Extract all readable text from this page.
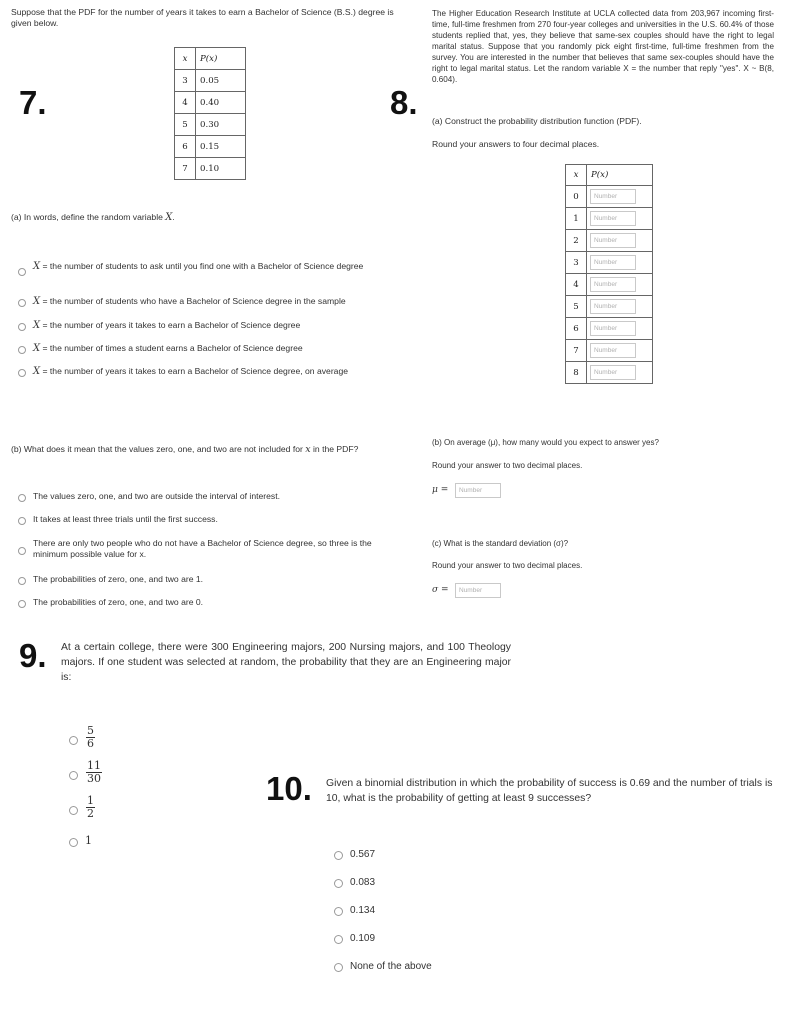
Suppose that the PDF for the number of years it takes to earn a Bachelor of Science (B.S.) degree is given below.
7.
x	P(x)
3	0.05
4	0.40
5	0.30
6	0.15
7	0.10
(a) In words, define the random variable X.
X = the number of students to ask until you find one with a Bachelor of Science degree
X = the number of students who have a Bachelor of Science degree in the sample
X = the number of years it takes to earn a Bachelor of Science degree
X = the number of times a student earns a Bachelor of Science degree
X = the number of years it takes to earn a Bachelor of Science degree, on average
(b) What does it mean that the values zero, one, and two are not included for x in the PDF?
The values zero, one, and two are outside the interval of interest.
It takes at least three trials until the first success.
There are only two people who do not have a Bachelor of Science degree, so three is the minimum possible value for x.
The probabilities of zero, one, and two are 1.
The probabilities of zero, one, and two are 0.
The Higher Education Research Institute at UCLA collected data from 203,967 incoming first-time, full-time freshmen from 270 four-year colleges and universities in the U.S. 60.4% of those students replied that, yes, they believe that same-sex couples should have the right to legal marital status. Suppose that you randomly pick eight first-time, full-time freshmen from the survey. You are interested in the number that believes that same sex-couples should have the right to legal marital status. Let the random variable X = the number that reply "yes". X ~ B(8, 0.604).
8. (a) Construct the probability distribution function (PDF).
Round your answers to four decimal places.
x	P(x)
0	Number
1	Number
2	Number
3	Number
4	Number
5	Number
6	Number
7	Number
8	Number
(b) On average (μ), how many would you expect to answer yes?
Round your answer to two decimal places.
μ =
Number
(c) What is the standard deviation (σ)?
Round your answer to two decimal places.
σ =
Number
9. At a certain college, there were 300 Engineering majors, 200 Nursing majors, and 100 Theology majors. If one student was selected at random, the probability that they are an Engineering major is:
$\frac{5}{6}$
$\frac{11}{30}$
$\frac{1}{2}$
1
10. Given a binomial distribution in which the probability of success is 0.69 and the number of trials is 10, what is the probability of getting at least 9 successes?
0.567
0.083
0.134
0.109
None of the above
